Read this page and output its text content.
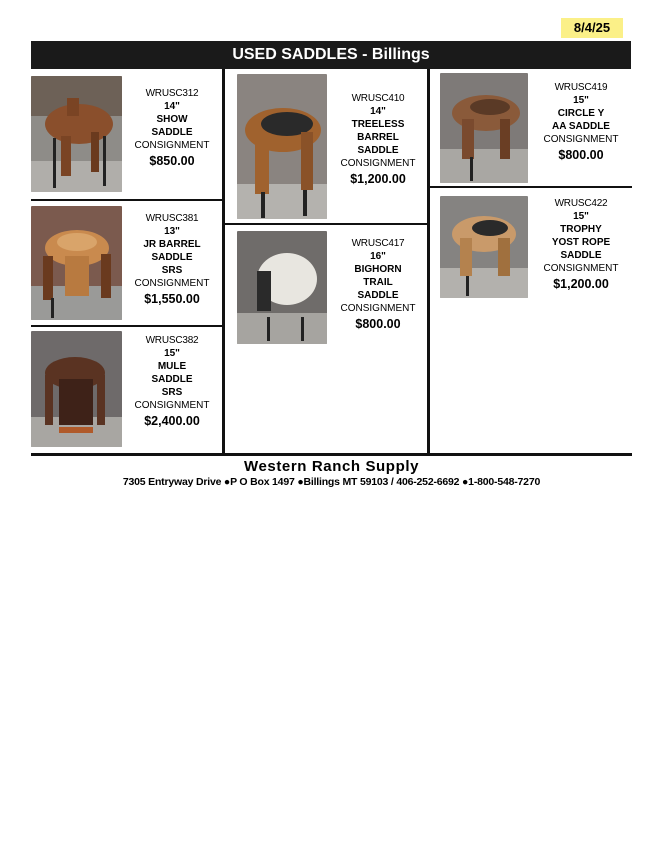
8/4/25
USED SADDLES - Billings
WRUSC312
14"
SHOW
SADDLE
CONSIGNMENT
$850.00
WRUSC381
13"
JR BARREL
SADDLE
SRS
CONSIGNMENT
$1,550.00
WRUSC382
15"
MULE
SADDLE
SRS
CONSIGNMENT
$2,400.00
WRUSC410
14"
TREELESS
BARREL
SADDLE
CONSIGNMENT
$1,200.00
WRUSC417
16"
BIGHORN
TRAIL
SADDLE
CONSIGNMENT
$800.00
WRUSC419
15"
CIRCLE Y
AA SADDLE
CONSIGNMENT
$800.00
WRUSC422
15"
TROPHY
YOST ROPE
SADDLE
CONSIGNMENT
$1,200.00
Western Ranch Supply
7305 Entryway Drive ●P O Box 1497 ●Billings MT 59103 / 406-252-6692 ●1-800-548-7270
